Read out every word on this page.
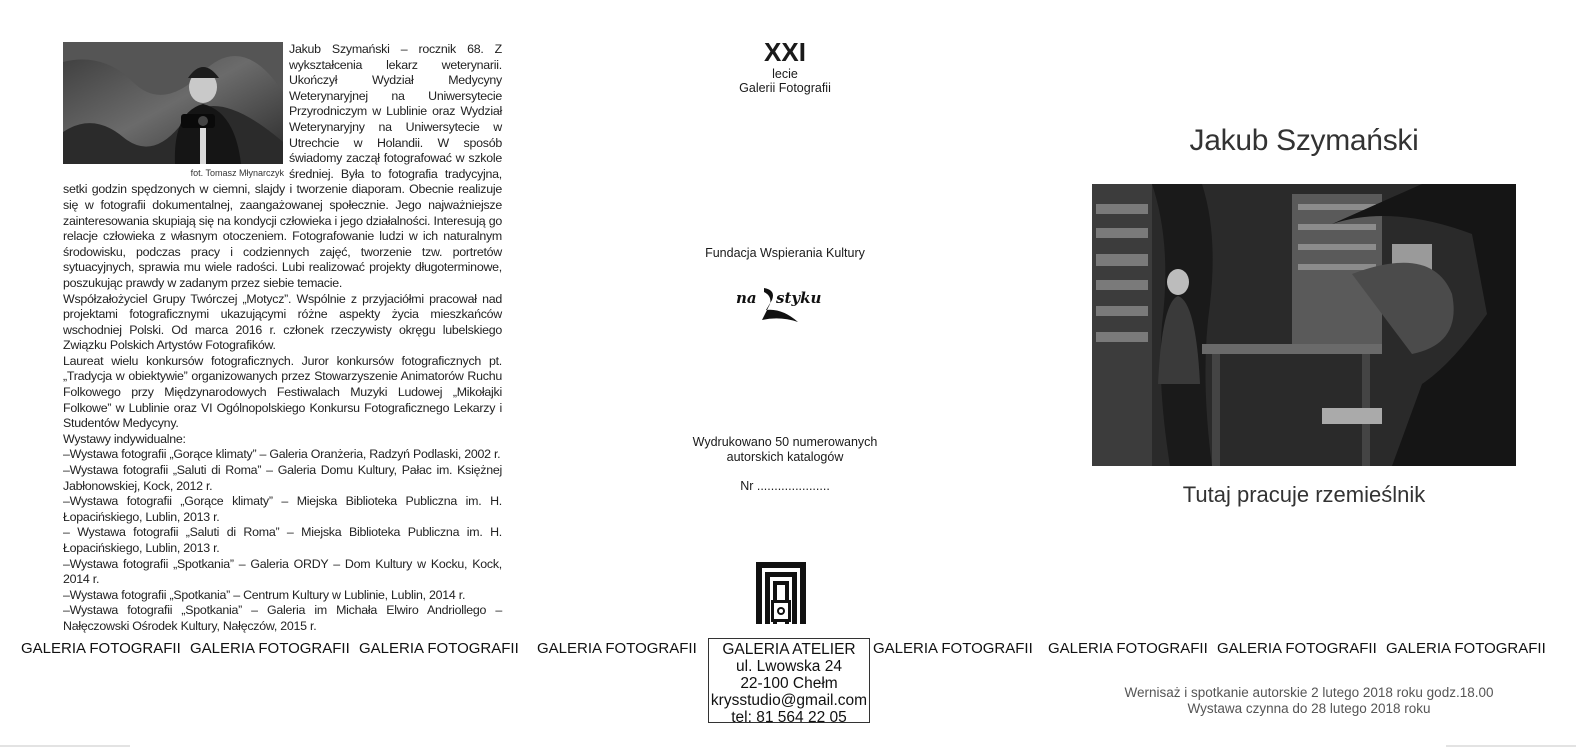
fot. Tomasz Młynarczyk

Jakub Szymański – rocznik 68. Z wykształcenia lekarz weterynarii. Ukończył Wydział Medycyny Weterynaryjnej na Uniwersytecie Przyrodniczym w Lublinie oraz Wydział Weterynaryjny na Uniwersytecie w Utrechcie w Holandii. W sposób świadomy zaczął fotografować w szkole średniej. Była to fotografia tradycyjna, setki godzin spędzonych w ciemni, slajdy i tworzenie diaporam. Obecnie realizuje się w fotografii dokumentalnej, zaangażowanej społecznie. Jego najważniejsze zainteresowania skupiają się na kondycji człowieka i jego działalności. Interesują go relacje człowieka z własnym otoczeniem. Fotografowanie ludzi w ich naturalnym środowisku, podczas pracy i codziennych zajęć, tworzenie tzw. portretów sytuacyjnych, sprawia mu wiele radości. Lubi realizować projekty długoterminowe, poszukując prawdy w zadanym przez siebie temacie.

Współzałożyciel Grupy Twórczej „Motycz”. Wspólnie z przyjaciółmi pracował nad projektami fotograficznymi ukazującymi różne aspekty życia mieszkańców wschodniej Polski. Od marca 2016 r. członek rzeczywisty okręgu lubelskiego Związku Polskich Artystów Fotografików.

Laureat wielu konkursów fotograficznych. Juror konkursów fotograficznych pt. „Tradycja w obiektywie” organizowanych przez Stowarzyszenie Animatorów Ruchu Folkowego przy Międzynarodowych Festiwalach Muzyki Ludowej „Mikołajki Folkowe” w Lublinie oraz VI Ogólnopolskiego Konkursu Fotograficznego Lekarzy i Studentów Medycyny.

Wystawy indywidualne:

–Wystawa fotografii „Gorące klimaty” – Galeria Oranżeria, Radzyń Podlaski, 2002 r.

–Wystawa fotografii „Saluti di Roma” – Galeria Domu Kultury, Pałac im. Księżnej Jabłonowskiej, Kock, 2012 r.

–Wystawa fotografii „Gorące klimaty” – Miejska Biblioteka Publiczna im. H. Łopacińskiego, Lublin, 2013 r.

– Wystawa fotografii „Saluti di Roma” – Miejska Biblioteka Publiczna im. H. Łopacińskiego, Lublin, 2013 r.

–Wystawa fotografii „Spotkania” – Galeria ORDY – Dom Kultury w Kocku, Kock, 2014 r.

–Wystawa fotografii „Spotkania” – Centrum Kultury w Lublinie, Lublin, 2014 r.

–Wystawa fotografii „Spotkania” – Galeria im Michała Elwiro Andriollego – Nałęczowski Ośrodek Kultury, Nałęczów, 2015 r.

XXI
lecie
Galerii Fotografii
Fundacja Wspierania Kultury
na styku
Wydrukowano 50 numerowanych
autorskich katalogów
Nr .....................
Jakub Szymański
Tutaj pracuje rzemieślnik
Wernisaż i spotkanie autorskie 2 lutego 2018 roku godz.18.00
Wystawa czynna do 28 lutego 2018 roku
GALERIA FOTOGRAFII GALERIA FOTOGRAFII GALERIA FOTOGRAFII GALERIA FOTOGRAFII	GALERIA FOTOGRAFII GALERIA FOTOGRAFII GALERIA FOTOGRAFII GALERIA FOTOGRAFII
GALERIA ATELIER
ul. Lwowska 24
22-100 Chełm
krysstudio@gmail.com
tel: 81 564 22 05
